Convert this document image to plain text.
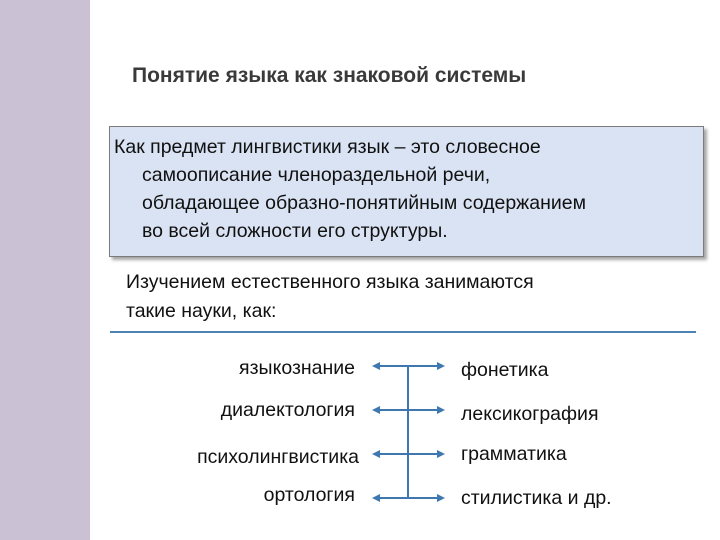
Понятие языка как знаковой системы
Как предмет лингвистики язык – это словесное
самоописание членораздельной речи,
обладающее образно-понятийным содержанием
во всей сложности его структуры.
Изучением естественного языка занимаются
такие науки, как:
языкознание
диалектология
психолингвистика
ортология
фонетика
лексикография
грамматика
стилистика и др.
